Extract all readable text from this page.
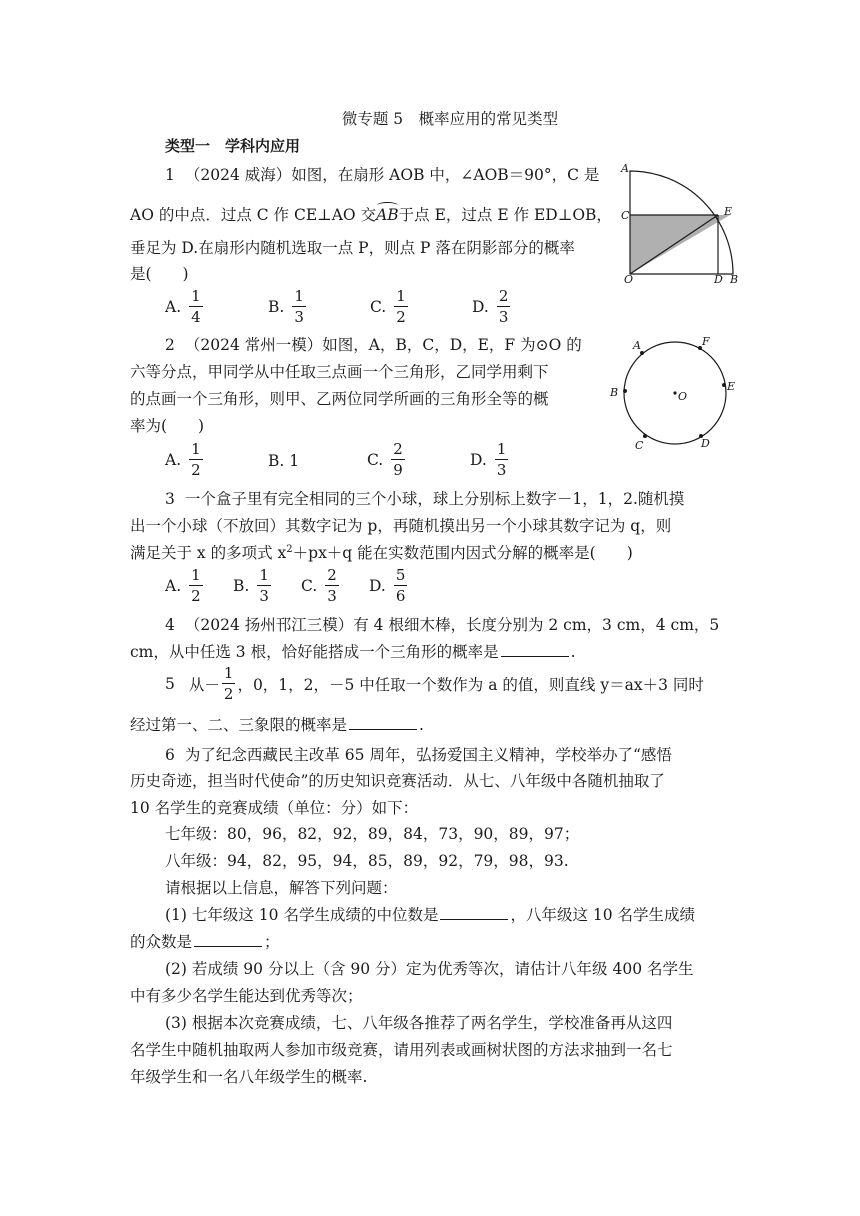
微专题 5　概率应用的常见类型
类型一　学科内应用
1 （2024 威海）如图，在扇形 AOB 中，∠AOB＝90°，C 是
AO 的中点．过点 C 作 CE⊥AO 交AB于点 E，过点 E 作 ED⊥OB，
垂足为 D.在扇形内随机选取一点 P，则点 P 落在阴影部分的概率
是(　　)
A. $\frac{1}{4}$	B. $\frac{1}{3}$	C. $\frac{1}{2}$	D. $\frac{2}{3}$
A
C	E
O	D B
2 （2024 常州一模）如图，A，B，C，D，E，F 为⊙O 的
六等分点，甲同学从中任取三点画一个三角形，乙同学用剩下
的点画一个三角形，则甲、乙两位同学所画的三角形全等的概
率为(　　)
A. $\frac{1}{2}$	B. 1	C. $\frac{2}{9}$	D. $\frac{1}{3}$
A	F
E
B	O
C	D
3 一个盒子里有完全相同的三个小球，球上分别标上数字－1，1，2.随机摸
出一个小球（不放回）其数字记为 p，再随机摸出另一个小球其数字记为 q，则
满足关于 x 的多项式 $x^2+px+q$ 能在实数范围内因式分解的概率是(　　)
A. $\frac{1}{2} B$. $\frac{1}{3} C$. $\frac{2}{3} D$. $\frac{5}{6}$
4 （2024 扬州邗江三模）有 4 根细木棒，长度分别为 2 cm，3 cm，4 cm，5
cm，从中任选 3 根，恰好能搭成一个三角形的概率是	.
5 从－ $\frac{1}{2}$ ，0，1，2，－5 中任取一个数作为 a 的值，则直线 y＝ax＋3 同时
经过第一、二、三象限的概率是	.
6 为了纪念西藏民主改革 65 周年，弘扬爱国主义精神，学校举办了“感悟
历史奇迹，担当时代使命”的历史知识竞赛活动．从七、八年级中各随机抽取了
10 名学生的竞赛成绩（单位：分）如下：
七年级：80，96，82，92，89，84，73，90，89，97；
八年级：94，82，95，94，85，89，92，79，98，93.
请根据以上信息，解答下列问题：
(1) 七年级这 10 名学生成绩的中位数是	，八年级这 10 名学生成绩
的众数是	；
(2) 若成绩 90 分以上（含 90 分）定为优秀等次，请估计八年级 400 名学生
中有多少名学生能达到优秀等次；
(3) 根据本次竞赛成绩，七、八年级各推荐了两名学生，学校准备再从这四
名学生中随机抽取两人参加市级竞赛，请用列表或画树状图的方法求抽到一名七
年级学生和一名八年级学生的概率.
